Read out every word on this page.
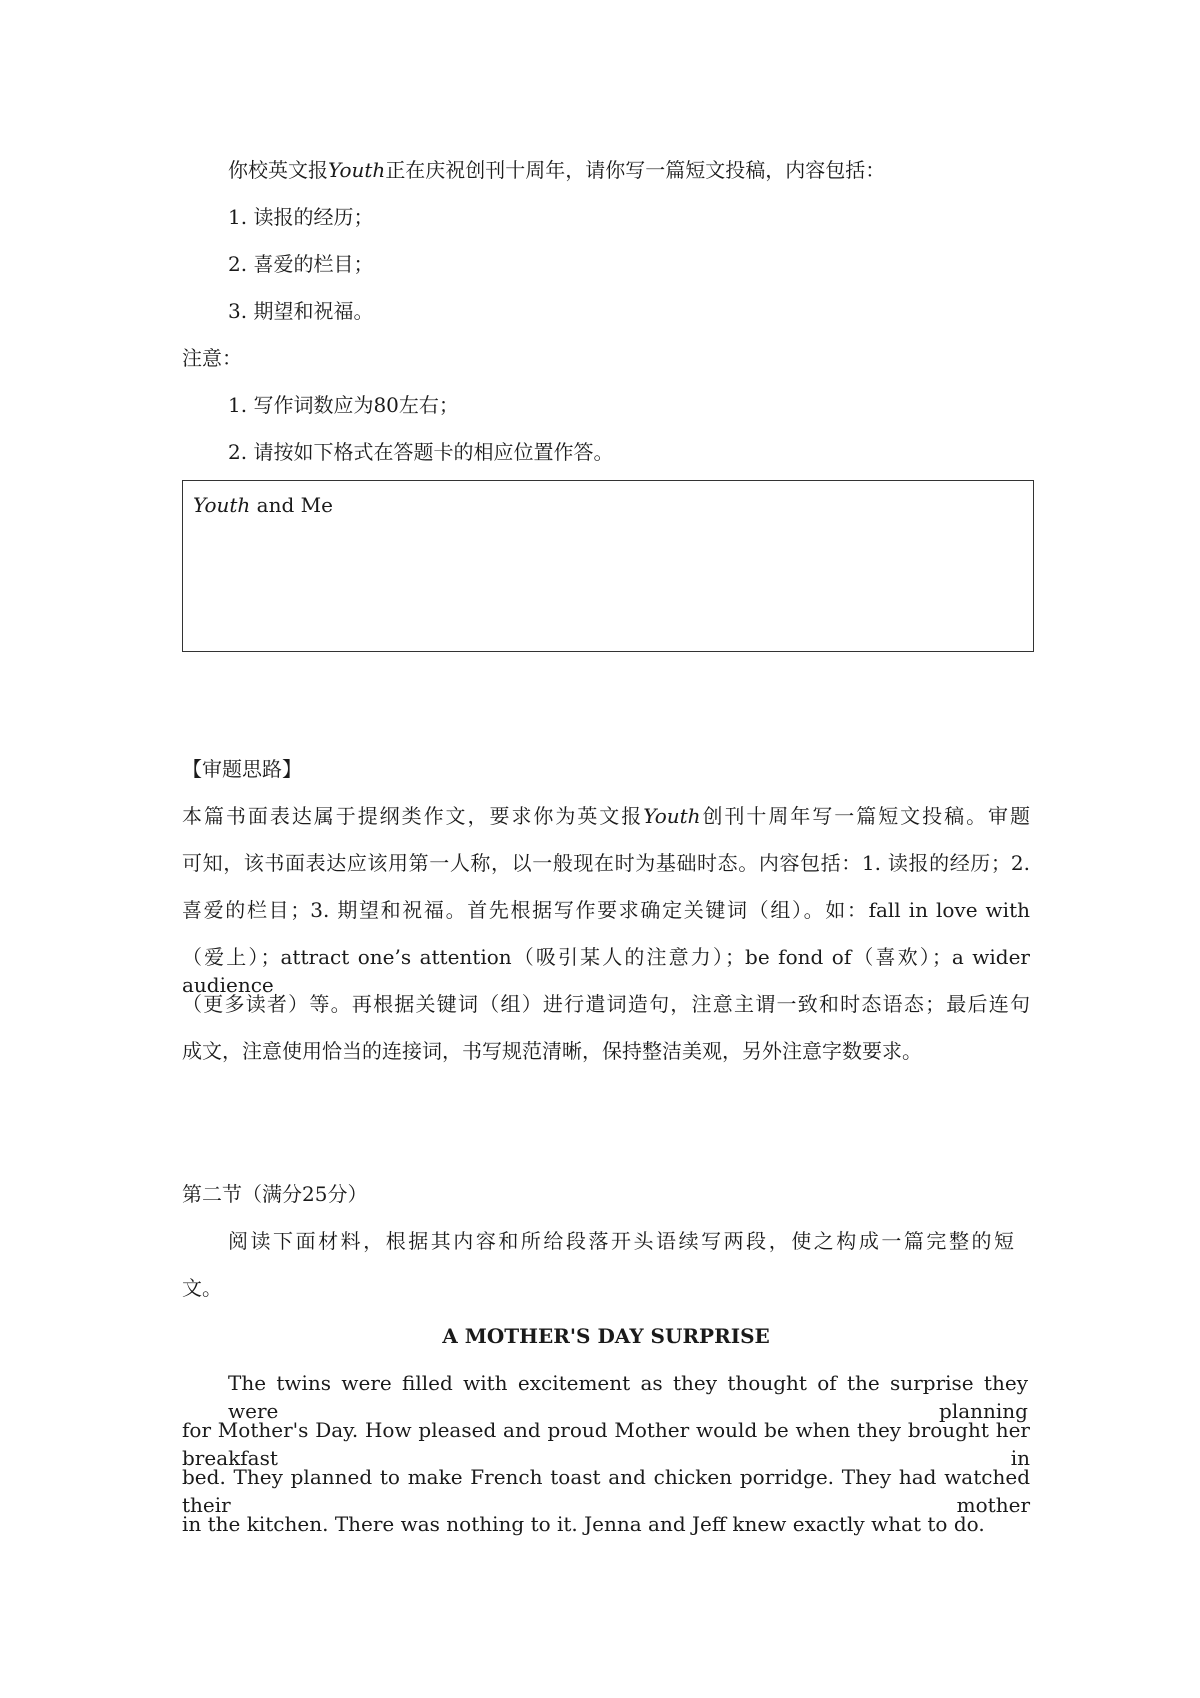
你校英文报Youth正在庆祝创刊十周年，请你写一篇短文投稿，内容包括：
1. 读报的经历；
2. 喜爱的栏目；
3. 期望和祝福。
注意：
1. 写作词数应为80左右；
2. 请按如下格式在答题卡的相应位置作答。
Youth and Me
【审题思路】
本篇书面表达属于提纲类作文，要求你为英文报Youth创刊十周年写一篇短文投稿。审题
可知，该书面表达应该用第一人称，以一般现在时为基础时态。内容包括：1. 读报的经历；2.
喜爱的栏目；3. 期望和祝福。首先根据写作要求确定关键词（组）。如：fall in love with
（爱上）；attract one’s attention（吸引某人的注意力）；be fond of（喜欢）；a wider audience
（更多读者）等。再根据关键词（组）进行遣词造句，注意主谓一致和时态语态；最后连句
成文，注意使用恰当的连接词，书写规范清晰，保持整洁美观，另外注意字数要求。
第二节（满分25分）
阅读下面材料，根据其内容和所给段落开头语续写两段，使之构成一篇完整的短
文。
A MOTHER'S DAY SURPRISE
The twins were filled with excitement as they thought of the surprise they were planning
for Mother's Day. How pleased and proud Mother would be when they brought her breakfast in
bed. They planned to make French toast and chicken porridge. They had watched their mother
in the kitchen. There was nothing to it. Jenna and Jeff knew exactly what to do.
